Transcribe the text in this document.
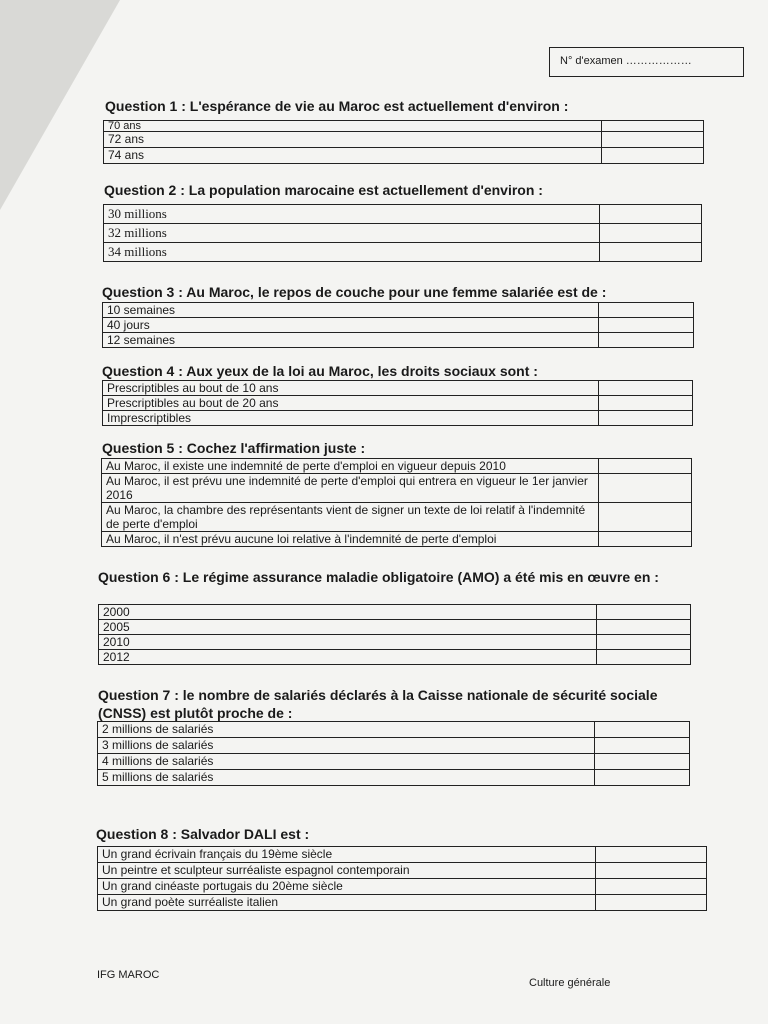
N° d'examen ………………
Question 1 : L'espérance de vie au Maroc est actuellement d'environ :
70 ans	
72 ans	
74 ans	
Question 2 : La population marocaine est actuellement d'environ :
30 millions	
32 millions	
34 millions	
Question 3 : Au Maroc, le repos de couche pour une femme salariée est de :
10 semaines	
40 jours	
12 semaines	
Question 4 : Aux yeux de la loi au Maroc, les droits sociaux sont :
Prescriptibles au bout de 10 ans	
Prescriptibles au bout de 20 ans	
Imprescriptibles	
Question 5 : Cochez l'affirmation juste :
Au Maroc, il existe une indemnité de perte d'emploi en vigueur depuis 2010	
Au Maroc, il est prévu une indemnité de perte d'emploi qui entrera en vigueur le 1er janvier 2016	
Au Maroc, la chambre des représentants vient de signer un texte de loi relatif à l'indemnité de perte d'emploi	
Au Maroc, il n'est prévu aucune loi relative à l'indemnité de perte d'emploi	
Question 6 : Le régime assurance maladie obligatoire (AMO) a été mis en œuvre en :
2000	
2005	
2010	
2012	
Question 7 : le nombre de salariés déclarés à la Caisse nationale de sécurité sociale (CNSS) est plutôt proche de :
2 millions de salariés	
3 millions de salariés	
4 millions de salariés	
5 millions de salariés	
Question 8 : Salvador DALI est :
Un grand écrivain français du 19ème siècle	
Un peintre et sculpteur surréaliste espagnol contemporain	
Un grand cinéaste portugais du 20ème siècle	
Un grand poète surréaliste italien	
IFG MAROC
Culture générale
